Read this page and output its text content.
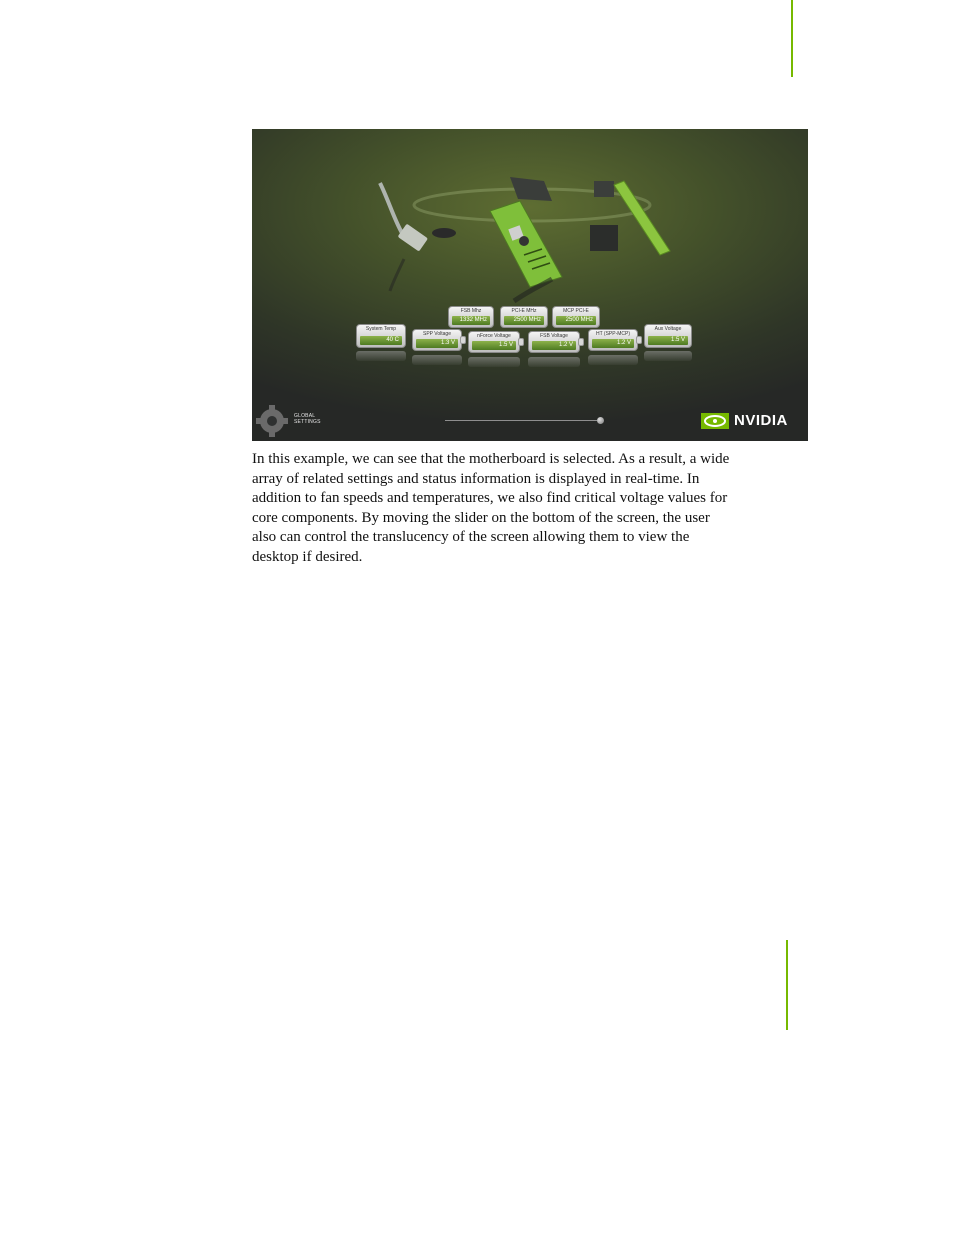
FSB Mhz
1332 MHz
PCI-E MHz
2500 MHz
MCP PCI-E
2500 MHz
System Temp
40 C
SPP Voltage
1.3 V
nForce Voltage
1.5 V
FSB Voltage
1.2 V
HT (SPP-MCP)
1.2 V
Aux Voltage
1.5 V
GLOBAL
SETTINGS	NVIDIA

In this example, we can see that the motherboard is selected. As a result, a wide
array of related settings and status information is displayed in real-time. In
addition to fan speeds and temperatures, we also find critical voltage values for
core components. By moving the slider on the bottom of the screen, the user
also can control the translucency of the screen allowing them to view the
desktop if desired.
